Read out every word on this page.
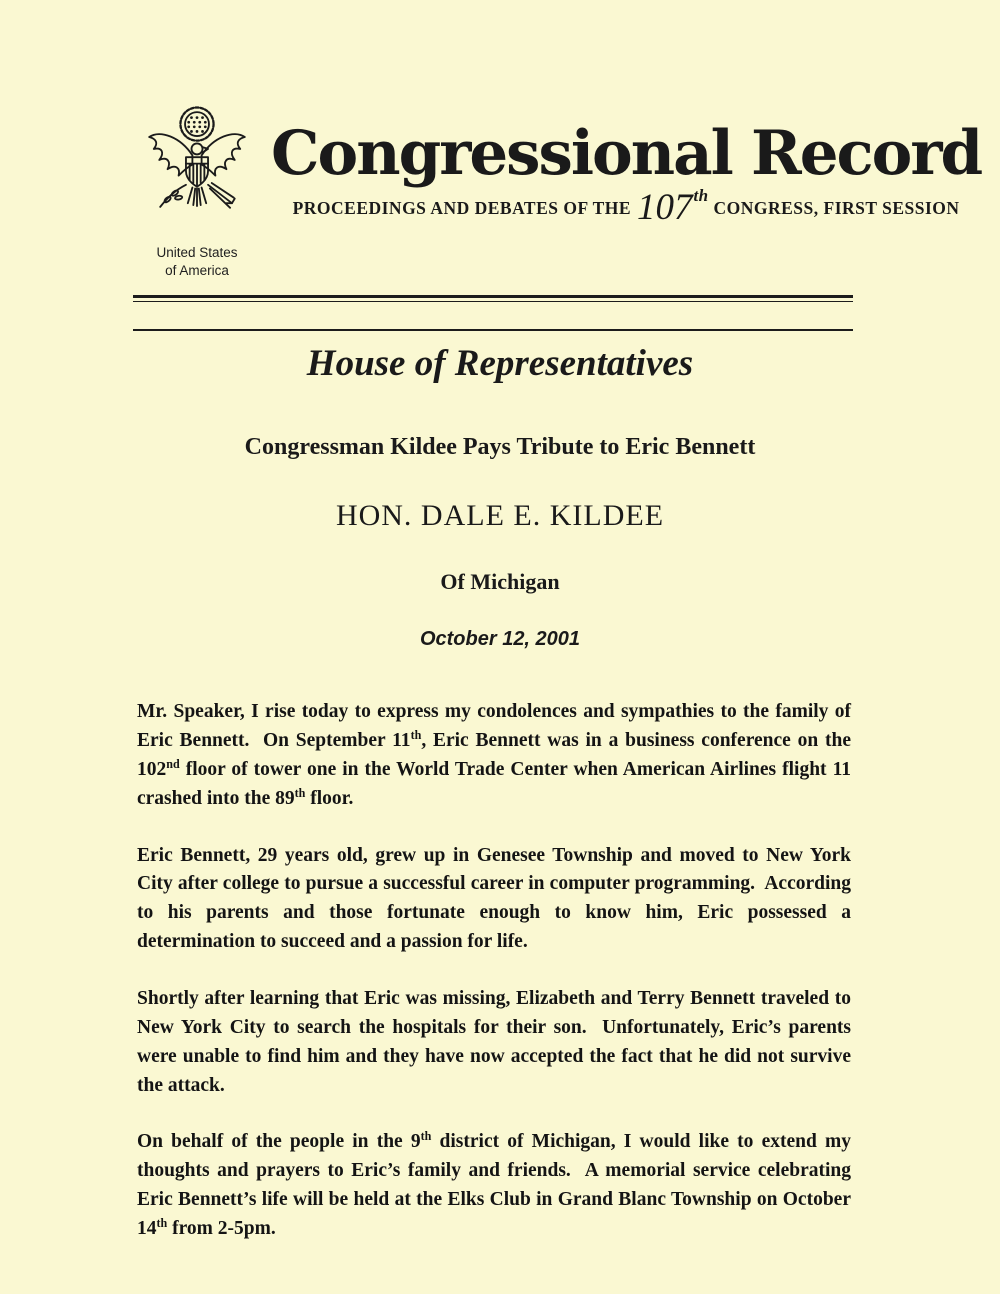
United States
of America
Congressional Record
PROCEEDINGS AND DEBATES OF THE 107th CONGRESS, FIRST SESSION
House of Representatives
Congressman Kildee Pays Tribute to Eric Bennett
HON. DALE E. KILDEE
Of Michigan
October 12, 2001

Mr. Speaker, I rise today to express my condolences and sympathies to the family of Eric Bennett.  On September 11th, Eric Bennett was in a business conference on the 102nd floor of tower one in the World Trade Center when American Airlines flight 11 crashed into the 89th floor.

Eric Bennett, 29 years old, grew up in Genesee Township and moved to New York City after college to pursue a successful career in computer programming.  According to his parents and those fortunate enough to know him, Eric possessed a determination to succeed and a passion for life.

Shortly after learning that Eric was missing, Elizabeth and Terry Bennett traveled to New York City to search the hospitals for their son.  Unfortunately, Eric’s parents were unable to find him and they have now accepted the fact that he did not survive the attack.

On behalf of the people in the 9th district of Michigan, I would like to extend my thoughts and prayers to Eric’s family and friends.  A memorial service celebrating Eric Bennett’s life will be held at the Elks Club in Grand Blanc Township on October 14th from 2-5pm.
